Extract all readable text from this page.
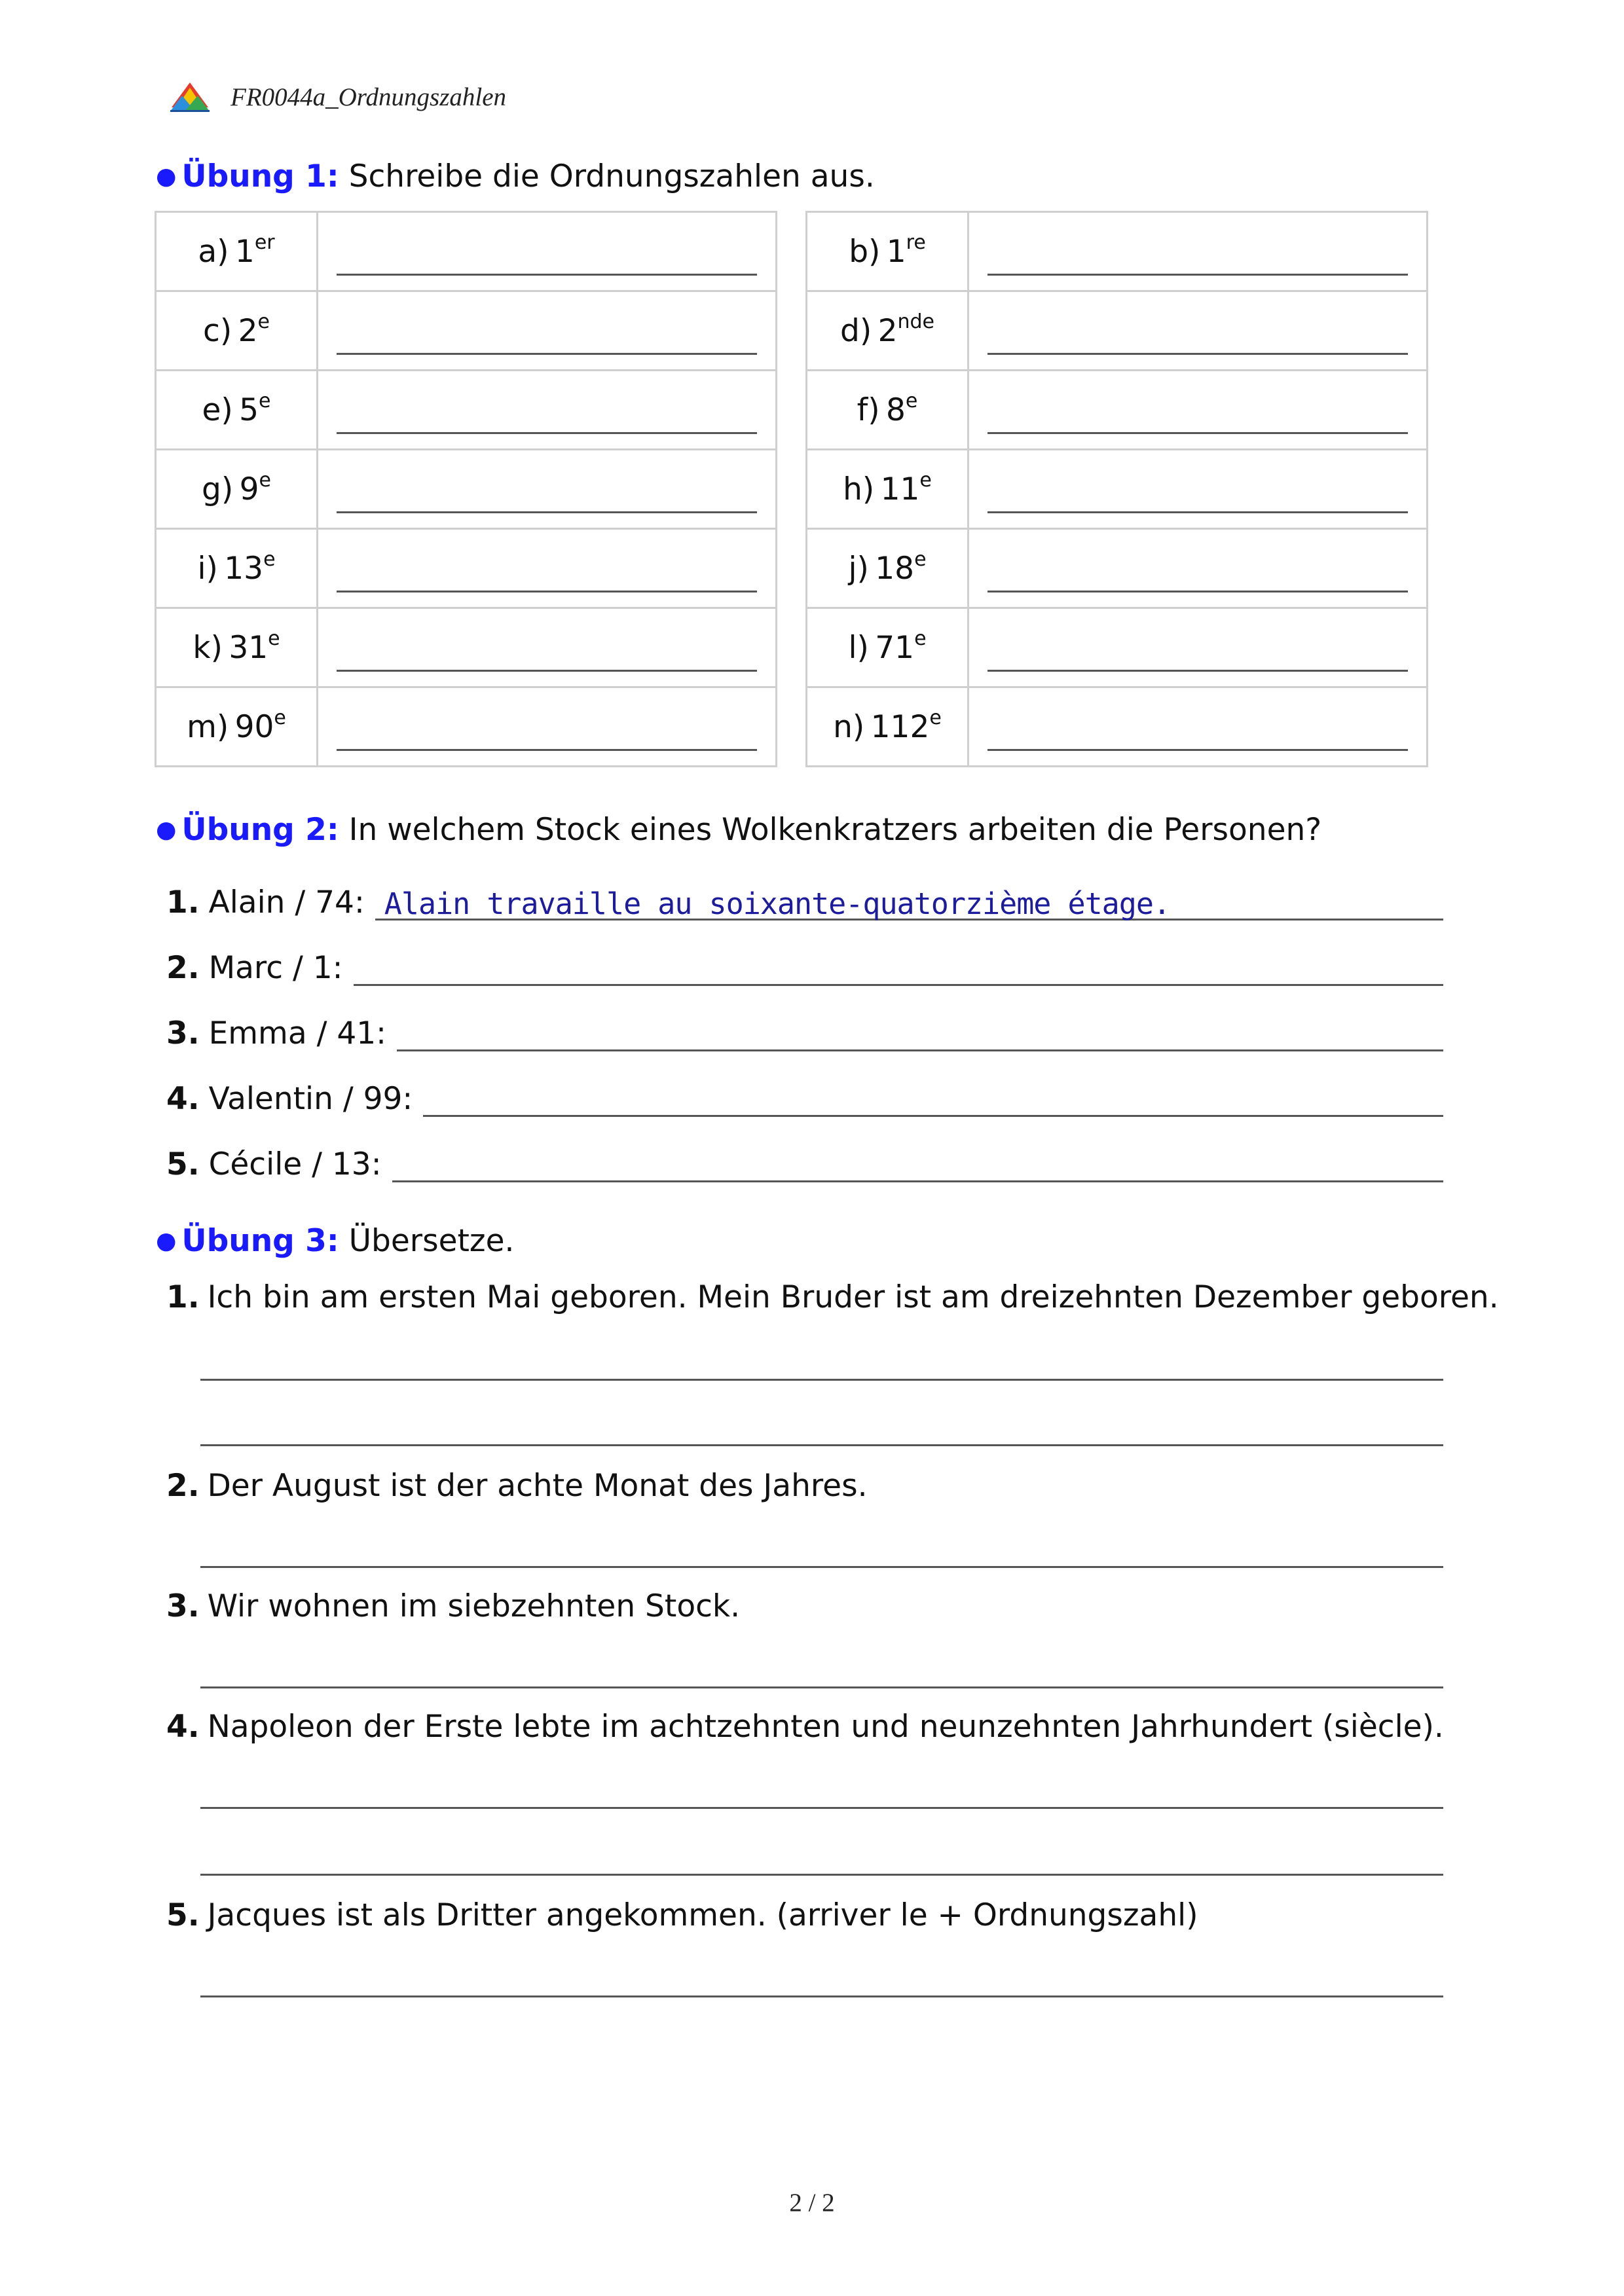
FR0044a_Ordnungszahlen
● Übung 1: Schreibe die Ordnungszahlen aus.
a)  1er	

c)  2e	

e)  5e	

g)  9e	

i)  13e	

k)  31e	

m)  90e	
b)  1re	

d)  2nde	

f)  8e	

h)  11e	

j)  18e	

l)  71e	

n)  112e	
● Übung 2: In welchem Stock eines Wolkenkratzers arbeiten die Personen?
1. Alain / 74: Alain travaille au soixante-quatorzième étage.
2. Marc / 1:
3. Emma / 41:
4. Valentin / 99:
5. Cécile / 13:
● Übung 3: Übersetze.
1. Ich bin am ersten Mai geboren. Mein Bruder ist am dreizehnten Dezember geboren.
2. Der August ist der achte Monat des Jahres.
3. Wir wohnen im siebzehnten Stock.
4. Napoleon der Erste lebte im achtzehnten und neunzehnten Jahrhundert (siècle).
5. Jacques ist als Dritter angekommen. (arriver le + Ordnungszahl)
2 / 2
